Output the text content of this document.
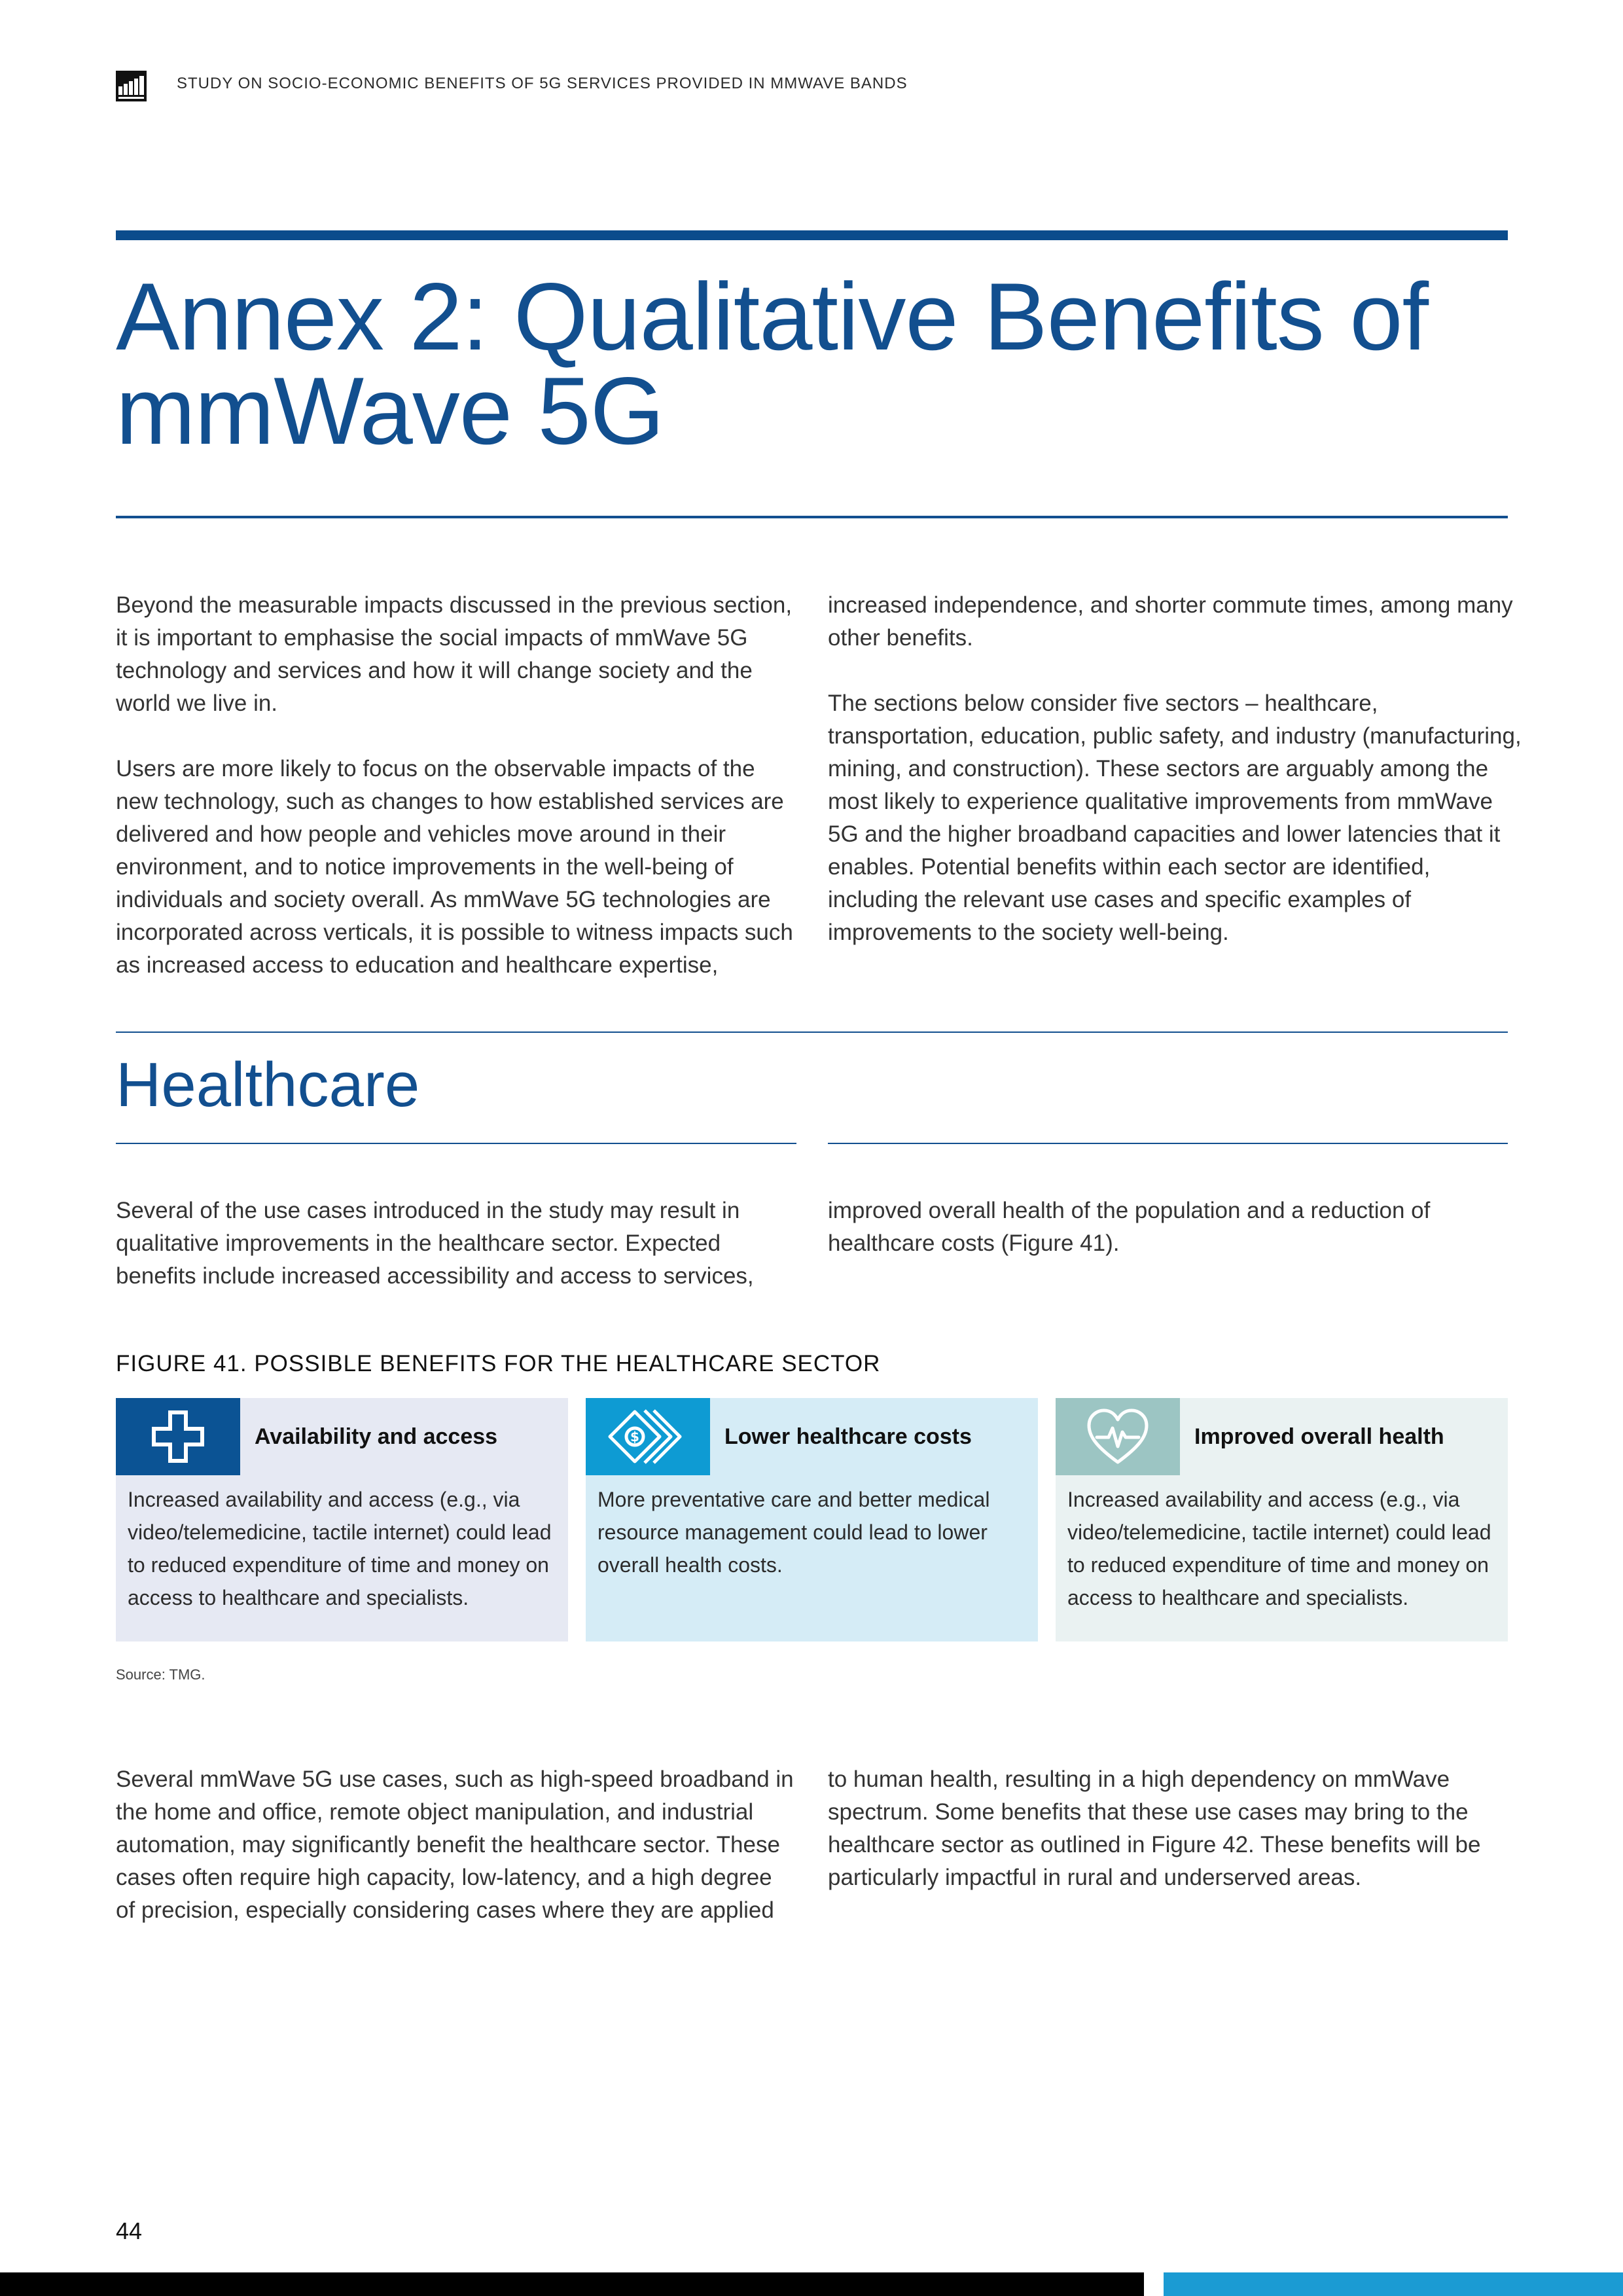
STUDY ON SOCIO-ECONOMIC BENEFITS OF 5G SERVICES PROVIDED IN MMWAVE BANDS
Annex 2: Qualitative Benefits of
mmWave 5G

Beyond the measurable impacts discussed in the previous section, it is important to emphasise the social impacts of mmWave 5G technology and services and how it will change society and the world we live in.

Users are more likely to focus on the observable impacts of the new technology, such as changes to how established services are delivered and how people and vehicles move around in their environment, and to notice improvements in the well-being of individuals and society overall. As mmWave 5G technologies are incorporated across verticals, it is possible to witness impacts such as increased access to education and healthcare expertise,

increased independence, and shorter commute times, among many other benefits.

The sections below consider five sectors – healthcare, transportation, education, public safety, and industry (manufacturing, mining, and construction). These sectors are arguably among the most likely to experience qualitative improvements from mmWave 5G and the higher broadband capacities and lower latencies that it enables. Potential benefits within each sector are identified, including the relevant use cases and specific examples of improvements to the society well-being.

Healthcare

Several of the use cases introduced in the study may result in qualitative improvements in the healthcare sector. Expected benefits include increased accessibility and access to services,

improved overall health of the population and a reduction of healthcare costs (Figure 41).

FIGURE 41. POSSIBLE BENEFITS FOR THE HEALTHCARE SECTOR
Availability and access
Increased availability and access (e.g., via video/telemedicine, tactile internet) could lead to reduced expenditure of time and money on access to healthcare and specialists.
$	Lower healthcare costs
More preventative care and better medical resource management could lead to lower overall health costs.
Improved overall health
Increased availability and access (e.g., via video/telemedicine, tactile internet) could lead to reduced expenditure of time and money on access to healthcare and specialists.
Source: TMG.

Several mmWave 5G use cases, such as high-speed broadband in the home and office, remote object manipulation, and industrial automation, may significantly benefit the healthcare sector. These cases often require high capacity, low-latency, and a high degree of precision, especially considering cases where they are applied

to human health, resulting in a high dependency on mmWave spectrum. Some benefits that these use cases may bring to the healthcare sector as outlined in Figure 42. These benefits will be particularly impactful in rural and underserved areas.

44
